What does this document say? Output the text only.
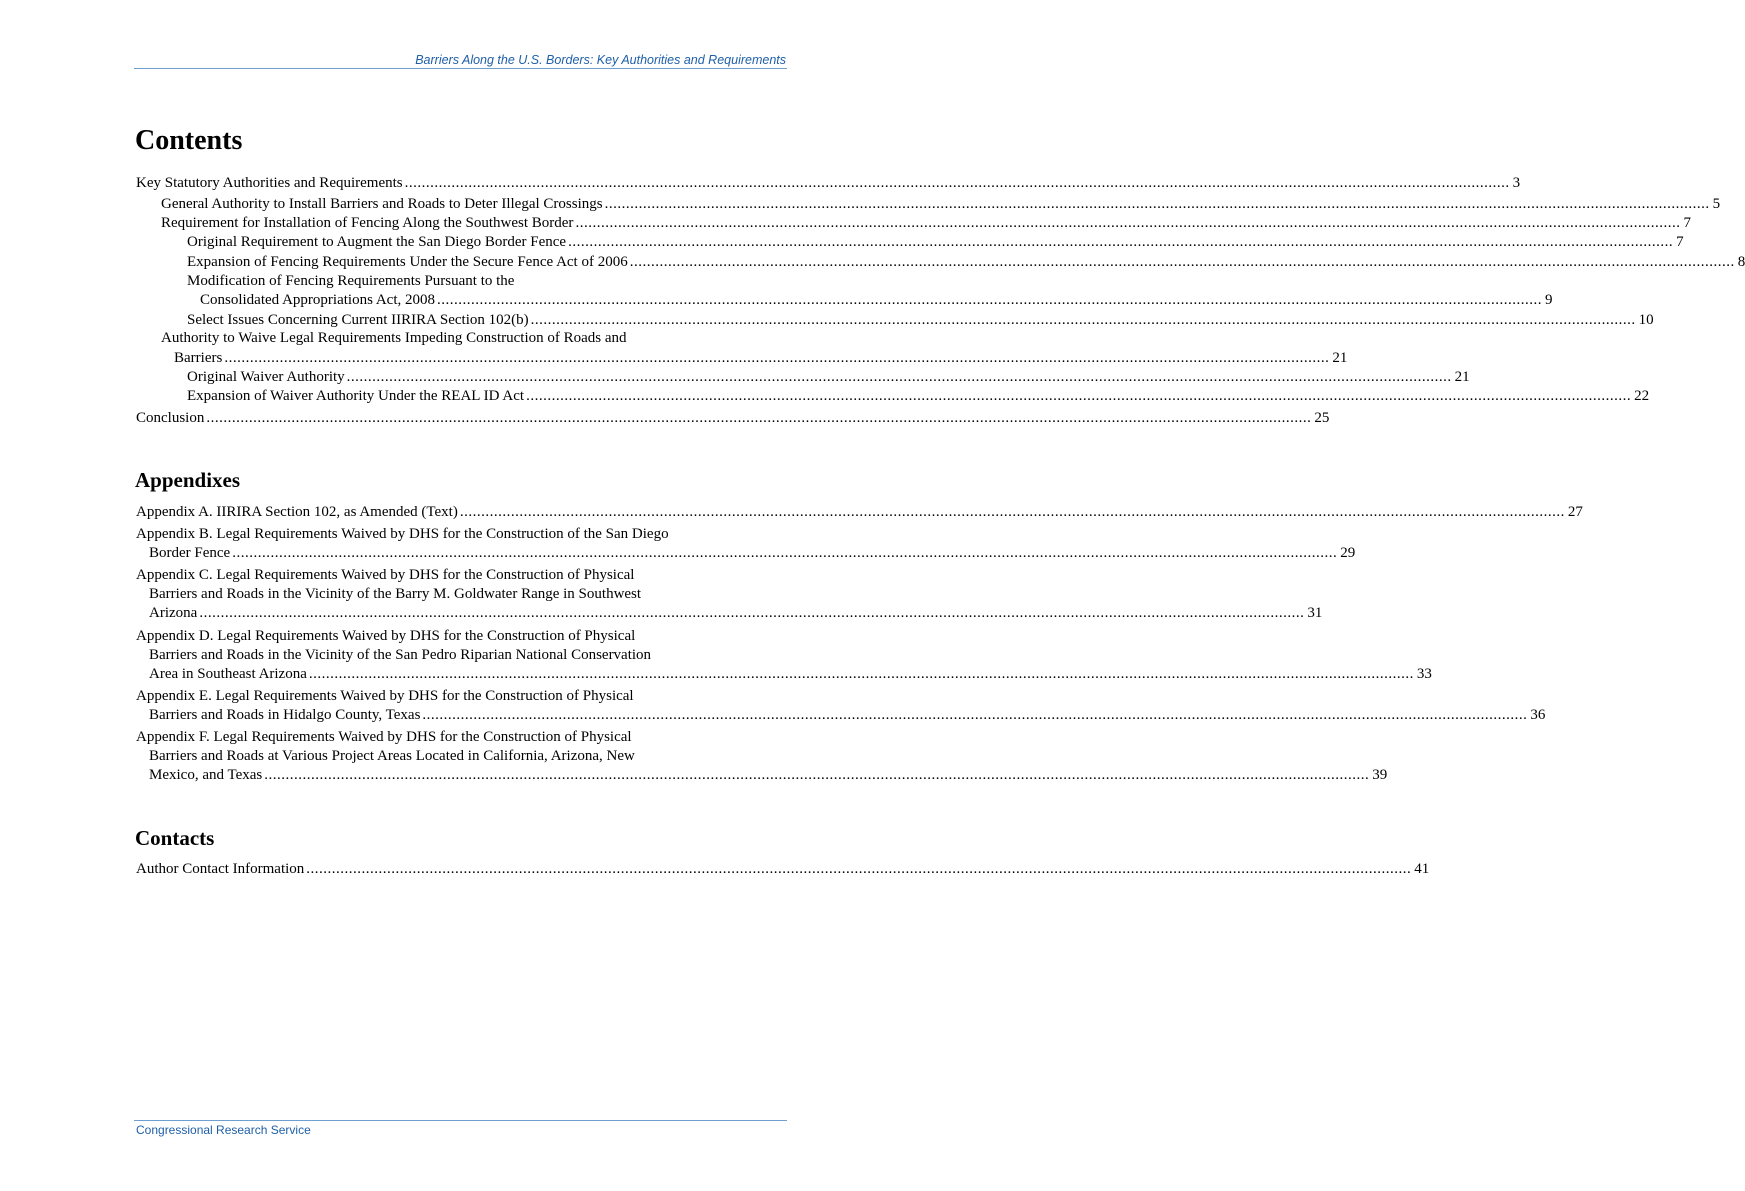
Barriers Along the U.S. Borders: Key Authorities and Requirements
Contents
Key Statutory Authorities and Requirements .................................................................................................................................................................................................................................................................... 3
General Authority to Install Barriers and Roads to Deter Illegal Crossings .................................................................................................................................................................................................................................................................... 5
Requirement for Installation of Fencing Along the Southwest Border .................................................................................................................................................................................................................................................................... 7
Original Requirement to Augment the San Diego Border Fence .................................................................................................................................................................................................................................................................... 7
Expansion of Fencing Requirements Under the Secure Fence Act of 2006 .................................................................................................................................................................................................................................................................... 8
Modification of Fencing Requirements Pursuant to the
Consolidated Appropriations Act, 2008 .................................................................................................................................................................................................................................................................... 9
Select Issues Concerning Current IIRIRA Section 102(b) .................................................................................................................................................................................................................................................................... 10
Authority to Waive Legal Requirements Impeding Construction of Roads and
Barriers .................................................................................................................................................................................................................................................................... 21
Original Waiver Authority .................................................................................................................................................................................................................................................................... 21
Expansion of Waiver Authority Under the REAL ID Act .................................................................................................................................................................................................................................................................... 22
Conclusion .................................................................................................................................................................................................................................................................... 25
Appendixes
Appendix A. IIRIRA Section 102, as Amended (Text) .................................................................................................................................................................................................................................................................... 27
Appendix B. Legal Requirements Waived by DHS for the Construction of the San Diego
Border Fence .................................................................................................................................................................................................................................................................... 29
Appendix C. Legal Requirements Waived by DHS for the Construction of Physical
Barriers and Roads in the Vicinity of the Barry M. Goldwater Range in Southwest
Arizona .................................................................................................................................................................................................................................................................... 31
Appendix D. Legal Requirements Waived by DHS for the Construction of Physical
Barriers and Roads in the Vicinity of the San Pedro Riparian National Conservation
Area in Southeast Arizona .................................................................................................................................................................................................................................................................... 33
Appendix E. Legal Requirements Waived by DHS for the Construction of Physical
Barriers and Roads in Hidalgo County, Texas .................................................................................................................................................................................................................................................................... 36
Appendix F. Legal Requirements Waived by DHS for the Construction of Physical
Barriers and Roads at Various Project Areas Located in California, Arizona, New
Mexico, and Texas .................................................................................................................................................................................................................................................................... 39
Contacts
Author Contact Information .................................................................................................................................................................................................................................................................... 41
Congressional Research Service
